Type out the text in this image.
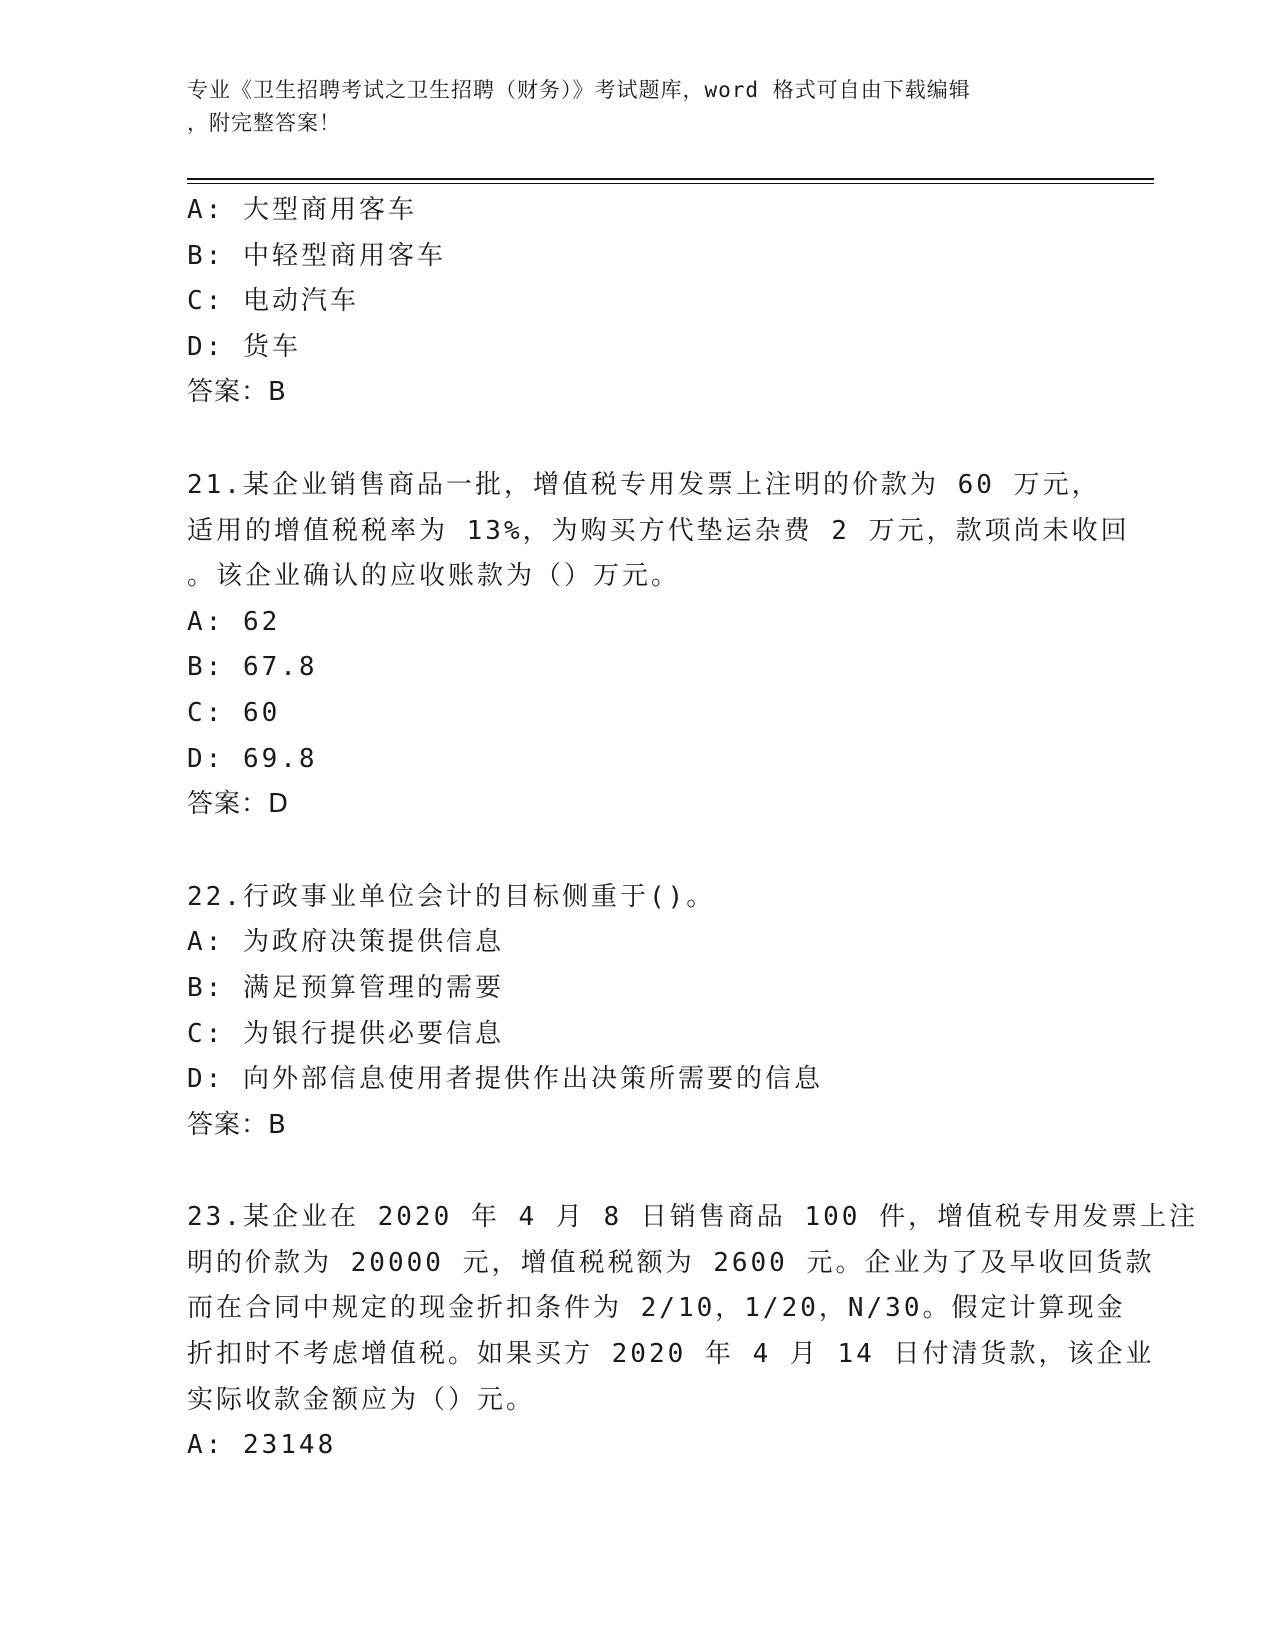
专业《卫生招聘考试之卫生招聘（财务）》考试题库，word 格式可自由下载编辑
，附完整答案！
A: 大型商用客车
B: 中轻型商用客车
C: 电动汽车
D: 货车
答案：B
21.某企业销售商品一批，增值税专用发票上注明的价款为 60 万元，
适用的增值税税率为 13%，为购买方代垫运杂费 2 万元，款项尚未收回
。该企业确认的应收账款为（）万元。
A: 62
B: 67.8
C: 60
D: 69.8
答案：D
22.行政事业单位会计的目标侧重于()。
A: 为政府决策提供信息
B: 满足预算管理的需要
C: 为银行提供必要信息
D: 向外部信息使用者提供作出决策所需要的信息
答案：B
23.某企业在 2020 年 4 月 8 日销售商品 100 件，增值税专用发票上注
明的价款为 20000 元，增值税税额为 2600 元。企业为了及早收回货款
而在合同中规定的现金折扣条件为 2/10，1/20，N/30。假定计算现金
折扣时不考虑增值税。如果买方 2020 年 4 月 14 日付清货款，该企业
实际收款金额应为（）元。
A: 23148
